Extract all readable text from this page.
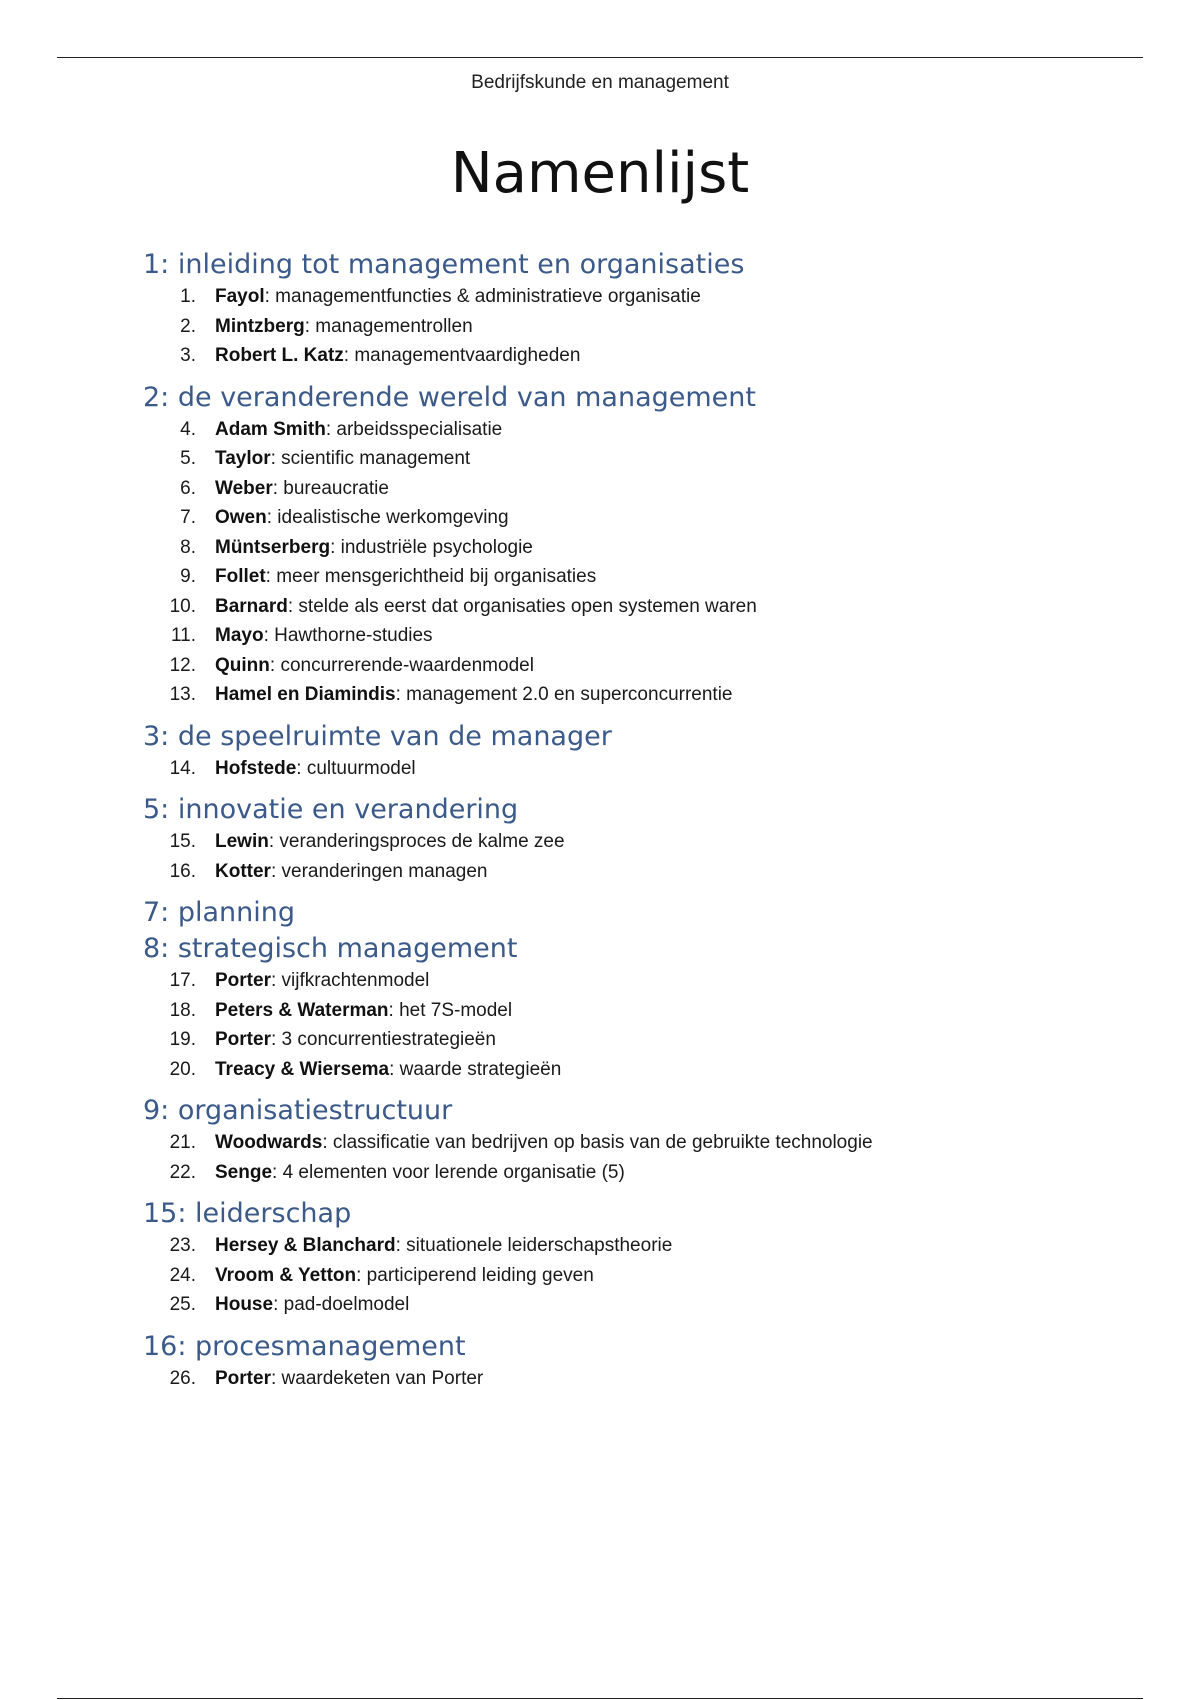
Bedrijfskunde en management
Namenlijst
1: inleiding tot management en organisaties
1. Fayol: managementfuncties & administratieve organisatie
2. Mintzberg: managementrollen
3. Robert L. Katz: managementvaardigheden
2: de veranderende wereld van management
4. Adam Smith: arbeidsspecialisatie
5. Taylor: scientific management
6. Weber: bureaucratie
7. Owen: idealistische werkomgeving
8. Müntserberg: industriële psychologie
9. Follet: meer mensgerichtheid bij organisaties
10. Barnard: stelde als eerst dat organisaties open systemen waren
11. Mayo: Hawthorne-studies
12. Quinn: concurrerende-waardenmodel
13. Hamel en Diamindis: management 2.0 en superconcurrentie
3: de speelruimte van de manager
14. Hofstede: cultuurmodel
5: innovatie en verandering
15. Lewin: veranderingsproces de kalme zee
16. Kotter: veranderingen managen
7: planning
8: strategisch management
17. Porter: vijfkrachtenmodel
18. Peters & Waterman: het 7S-model
19. Porter: 3 concurrentiestrategieën
20. Treacy & Wiersema: waarde strategieën
9: organisatiestructuur
21. Woodwards: classificatie van bedrijven op basis van de gebruikte technologie
22. Senge: 4 elementen voor lerende organisatie (5)
15: leiderschap
23. Hersey & Blanchard: situationele leiderschapstheorie
24. Vroom & Yetton: participerend leiding geven
25. House: pad-doelmodel
16: procesmanagement
26. Porter: waardeketen van Porter
